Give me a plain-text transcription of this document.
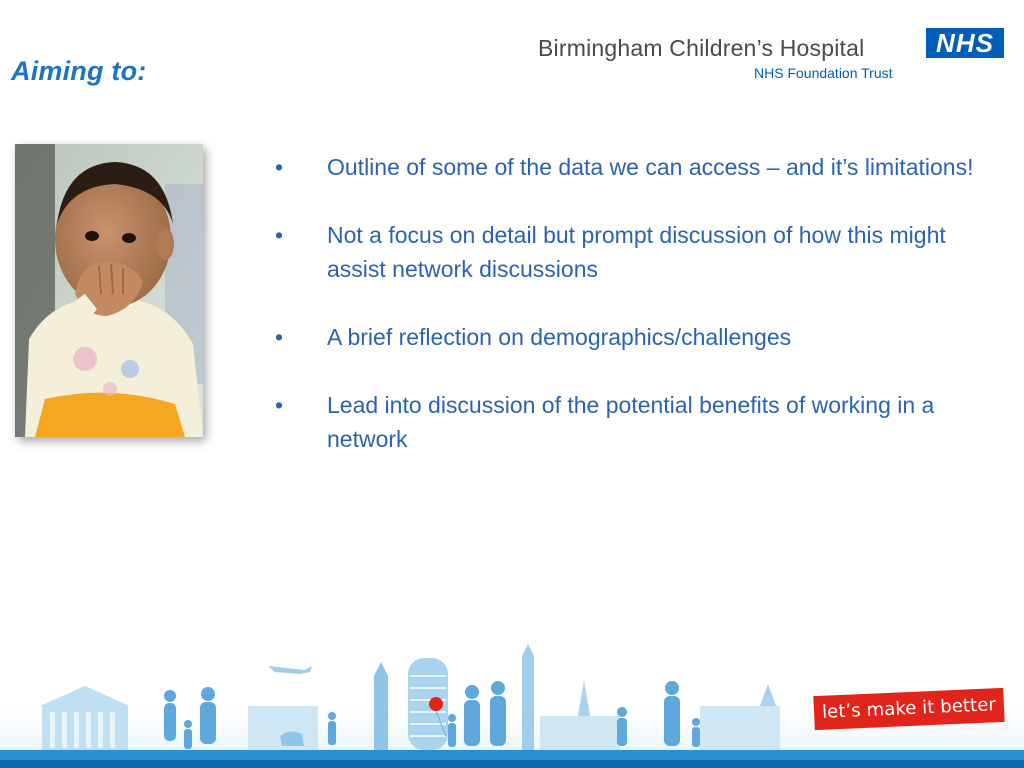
Aiming to:
Birmingham Children’s Hospital
NHS Foundation Trust
NHS
•	Outline of some of the data we can access – and it’s limitations!
•	Not a focus on detail but prompt discussion of how this might assist network discussions
•	A brief reflection on demographics/challenges
•	Lead into discussion of the potential benefits of working in a network
let’s make it better
